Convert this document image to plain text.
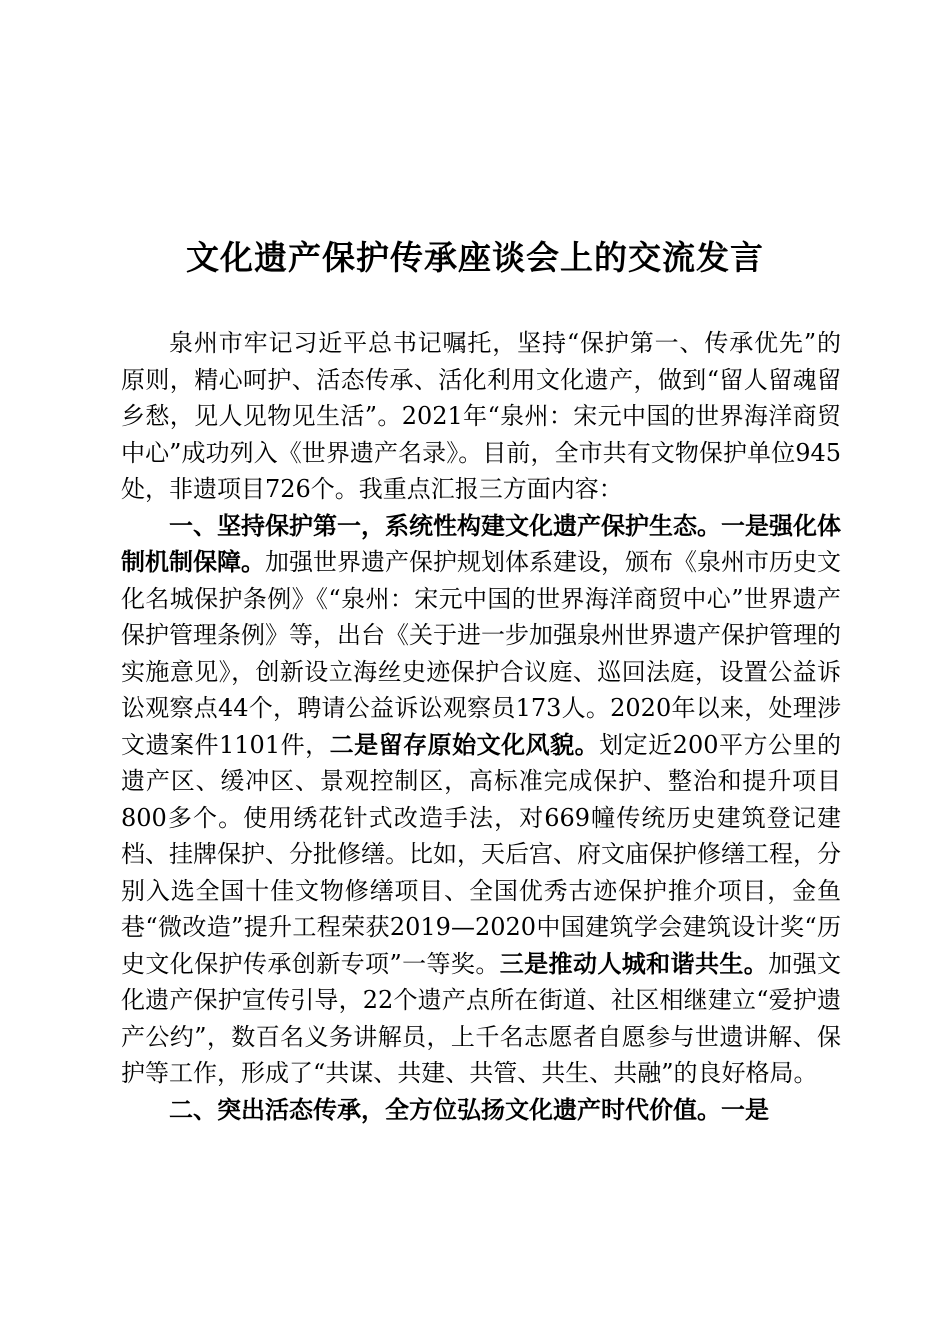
文化遗产保护传承座谈会上的交流发言

泉州市牢记习近平总书记嘱托，坚持“保护第一、传承优先”的原则，精心呵护、活态传承、活化利用文化遗产，做到“留人留魂留乡愁，见人见物见生活”。2021年“泉州：宋元中国的世界海洋商贸中心”成功列入《世界遗产名录》。目前，全市共有文物保护单位945处，非遗项目726个。我重点汇报三方面内容：

一、坚持保护第一，系统性构建文化遗产保护生态。一是强化体制机制保障。加强世界遗产保护规划体系建设，颁布《泉州市历史文化名城保护条例》《“泉州：宋元中国的世界海洋商贸中心”世界遗产保护管理条例》等，出台《关于进一步加强泉州世界遗产保护管理的实施意见》，创新设立海丝史迹保护合议庭、巡回法庭，设置公益诉讼观察点44个，聘请公益诉讼观察员173人。2020年以来，处理涉文遗案件1101件，二是留存原始文化风貌。划定近200平方公里的遗产区、缓冲区、景观控制区，高标准完成保护、整治和提升项目800多个。使用绣花针式改造手法，对669幢传统历史建筑登记建档、挂牌保护、分批修缮。比如，天后宫、府文庙保护修缮工程，分别入选全国十佳文物修缮项目、全国优秀古迹保护推介项目，金鱼巷“微改造”提升工程荣获2019—2020中国建筑学会建筑设计奖“历史文化保护传承创新专项”一等奖。三是推动人城和谐共生。加强文化遗产保护宣传引导，22个遗产点所在街道、社区相继建立“爱护遗产公约”，数百名义务讲解员，上千名志愿者自愿参与世遗讲解、保护等工作，形成了“共谋、共建、共管、共生、共融”的良好格局。

二、突出活态传承，全方位弘扬文化遗产时代价值。一是
